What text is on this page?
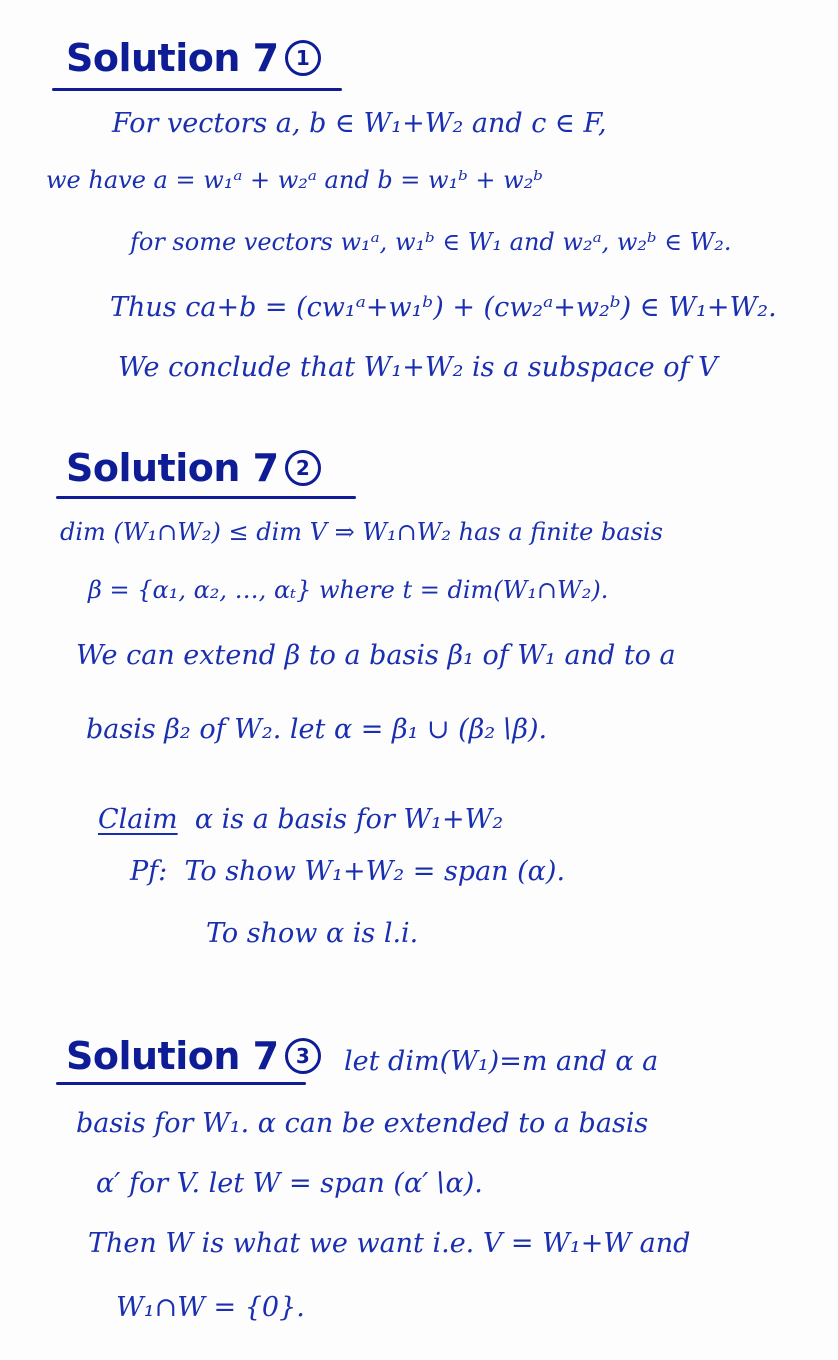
Solution 7 1
For vectors a, b ∈ W₁+W₂ and c ∈ F,
we have a = w₁ᵃ + w₂ᵃ and b = w₁ᵇ + w₂ᵇ
for some vectors w₁ᵃ, w₁ᵇ ∈ W₁ and w₂ᵃ, w₂ᵇ ∈ W₂.
Thus ca+b = (cw₁ᵃ+w₁ᵇ) + (cw₂ᵃ+w₂ᵇ) ∈ W₁+W₂.
We conclude that W₁+W₂ is a subspace of V
Solution 7 2
dim (W₁∩W₂) ≤ dim V ⇒ W₁∩W₂ has a finite basis
β = {α₁, α₂, …, αₜ} where t = dim(W₁∩W₂).
We can extend β to a basis β₁ of W₁ and to a
basis β₂ of W₂. let α = β₁ ∪ (β₂∖β).
Claim α is a basis for W₁+W₂
Pf: To show W₁+W₂ = span (α).
To show α is l.i.
Solution 7 3	let dim(W₁)=m and α a
basis for W₁. α can be extended to a basis
α′ for V. let W = span (α′∖α).
Then W is what we want i.e. V = W₁+W and
W₁∩W = {0}.
